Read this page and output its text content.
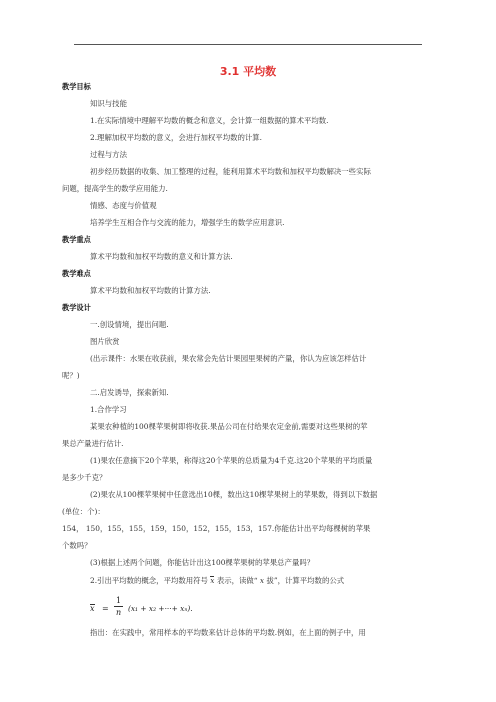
3.1 平均数
教学目标
知识与技能
1.在实际情境中理解平均数的概念和意义，会计算一组数据的算术平均数.
2.理解加权平均数的意义，会进行加权平均数的计算.
过程与方法
初步经历数据的收集、加工整理的过程，能利用算术平均数和加权平均数解决一些实际
问题，提高学生的数学应用能力.
情感、态度与价值观
培养学生互相合作与交流的能力，增强学生的数学应用意识.
教学重点
算术平均数和加权平均数的意义和计算方法.
教学难点
算术平均数和加权平均数的计算方法.
教学设计
一.创设情境，提出问题.
图片欣赏
(出示课件：水果在收获前，果农常会先估计果园里果树的产量，你认为应该怎样估计
呢？)
二.启发诱导，探索新知.
1.合作学习
某果农种植的100棵苹果树即将收获.果品公司在付给果农定金前,需要对这些果树的苹
果总产量进行估计.
(1)果农任意摘下20个苹果，称得这20个苹果的总质量为4千克.这20个苹果的平均质量
是多少千克？
(2)果农从100棵苹果树中任意选出10棵，数出这10棵苹果树上的苹果数，得到以下数据
(单位：个)：
154， 150，155，155，159，150，152，155，153，157.你能估计出平均每棵树的苹果
个数吗？
(3)根据上述两个问题，你能估计出这100棵苹果树的苹果总产量吗？
2.引出平均数的概念，平均数用符号 x 表示，读做“ x 拔”，计算平均数的公式
x =
1
n (x₁ + x₂ +···+ xₙ).
指出：在实践中，常用样本的平均数来估计总体的平均数.例如，在上面的例子中，用
